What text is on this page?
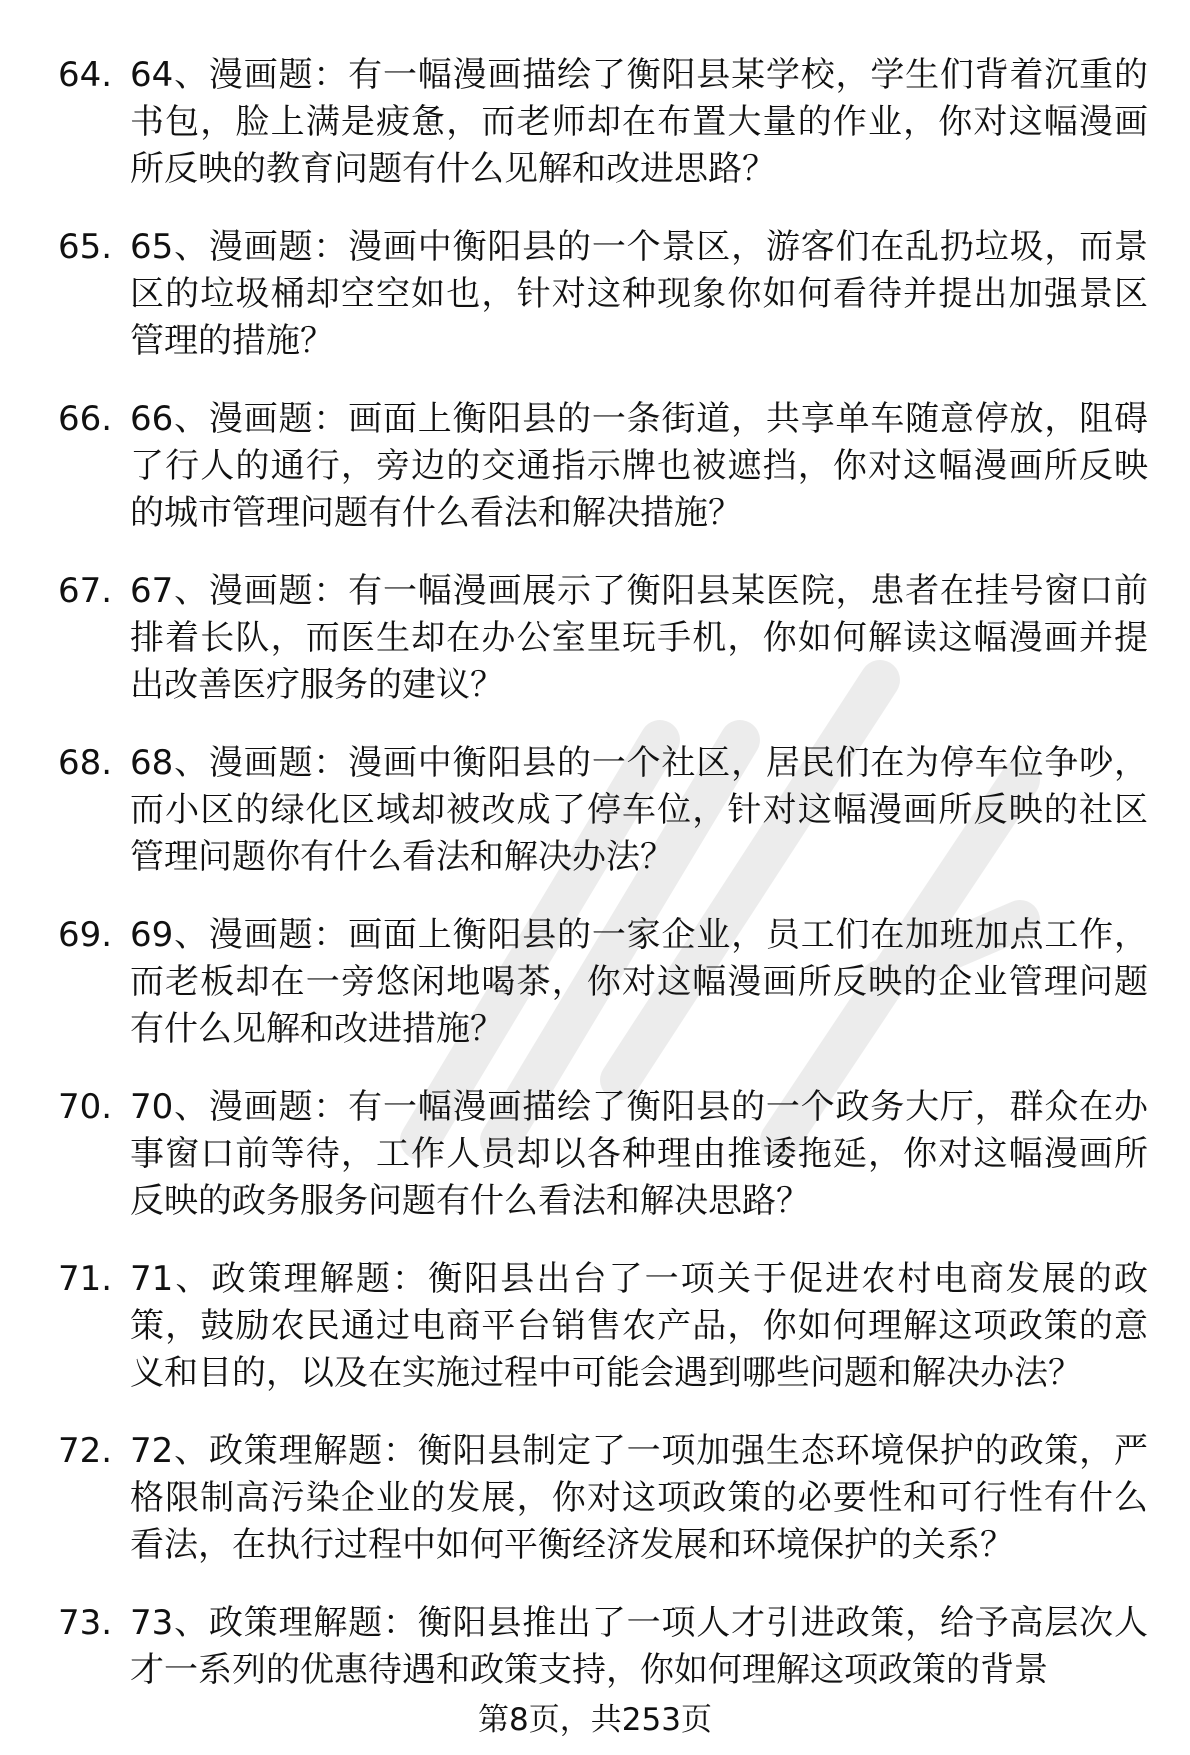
64. 64、漫画题：有一幅漫画描绘了衡阳县某学校，学生们背着沉重的书包，脸上满是疲惫，而老师却在布置大量的作业，你对这幅漫画所反映的教育问题有什么见解和改进思路？
65. 65、漫画题：漫画中衡阳县的一个景区，游客们在乱扔垃圾，而景区的垃圾桶却空空如也，针对这种现象你如何看待并提出加强景区管理的措施？
66. 66、漫画题：画面上衡阳县的一条街道，共享单车随意停放，阻碍了行人的通行，旁边的交通指示牌也被遮挡，你对这幅漫画所反映的城市管理问题有什么看法和解决措施？
67. 67、漫画题：有一幅漫画展示了衡阳县某医院，患者在挂号窗口前排着长队，而医生却在办公室里玩手机，你如何解读这幅漫画并提出改善医疗服务的建议？
68. 68、漫画题：漫画中衡阳县的一个社区，居民们在为停车位争吵，而小区的绿化区域却被改成了停车位，针对这幅漫画所反映的社区管理问题你有什么看法和解决办法？
69. 69、漫画题：画面上衡阳县的一家企业，员工们在加班加点工作，而老板却在一旁悠闲地喝茶，你对这幅漫画所反映的企业管理问题有什么见解和改进措施？
70. 70、漫画题：有一幅漫画描绘了衡阳县的一个政务大厅，群众在办事窗口前等待，工作人员却以各种理由推诿拖延，你对这幅漫画所反映的政务服务问题有什么看法和解决思路？
71. 71、政策理解题：衡阳县出台了一项关于促进农村电商发展的政策，鼓励农民通过电商平台销售农产品，你如何理解这项政策的意义和目的，以及在实施过程中可能会遇到哪些问题和解决办法？
72. 72、政策理解题：衡阳县制定了一项加强生态环境保护的政策，严格限制高污染企业的发展，你对这项政策的必要性和可行性有什么看法，在执行过程中如何平衡经济发展和环境保护的关系？
73. 73、政策理解题：衡阳县推出了一项人才引进政策，给予高层次人才一系列的优惠待遇和政策支持，你如何理解这项政策的背景
第8页，共253页
